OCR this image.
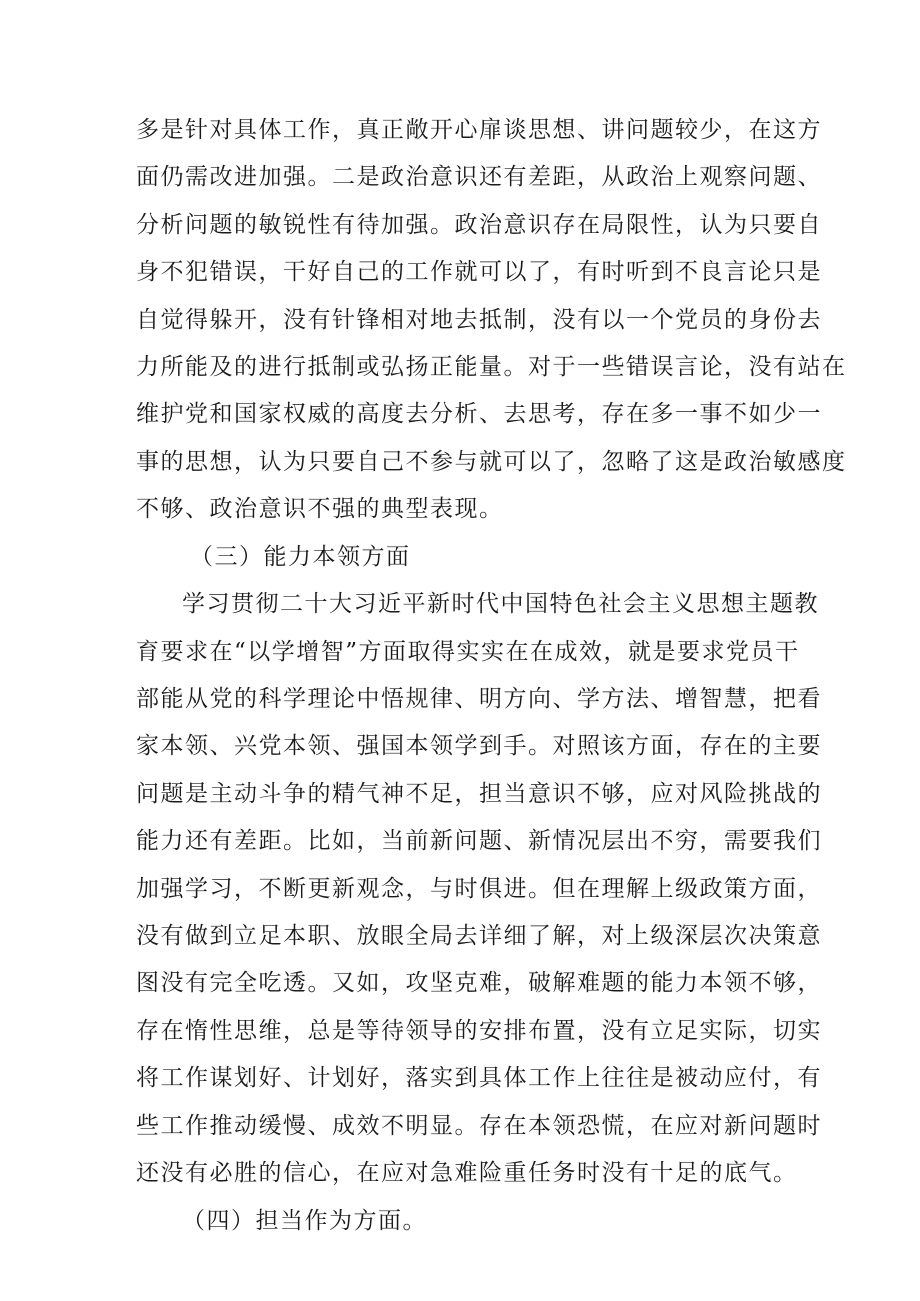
多是针对具体工作，真正敞开心扉谈思想、讲问题较少，在这方
面仍需改进加强。二是政治意识还有差距，从政治上观察问题、
分析问题的敏锐性有待加强。政治意识存在局限性，认为只要自
身不犯错误，干好自己的工作就可以了，有时听到不良言论只是
自觉得躲开，没有针锋相对地去抵制，没有以一个党员的身份去
力所能及的进行抵制或弘扬正能量。对于一些错误言论，没有站在
维护党和国家权威的高度去分析、去思考，存在多一事不如少一
事的思想，认为只要自己不参与就可以了，忽略了这是政治敏感度
不够、政治意识不强的典型表现。
（三）能力本领方面
学习贯彻二十大习近平新时代中国特色社会主义思想主题教
育要求在“以学增智”方面取得实实在在成效，就是要求党员干
部能从党的科学理论中悟规律、明方向、学方法、增智慧，把看
家本领、兴党本领、强国本领学到手。对照该方面，存在的主要
问题是主动斗争的精气神不足，担当意识不够，应对风险挑战的
能力还有差距。比如，当前新问题、新情况层出不穷，需要我们
加强学习，不断更新观念，与时俱进。但在理解上级政策方面，
没有做到立足本职、放眼全局去详细了解，对上级深层次决策意
图没有完全吃透。又如，攻坚克难，破解难题的能力本领不够，
存在惰性思维，总是等待领导的安排布置，没有立足实际，切实
将工作谋划好、计划好，落实到具体工作上往往是被动应付，有
些工作推动缓慢、成效不明显。存在本领恐慌，在应对新问题时
还没有必胜的信心，在应对急难险重任务时没有十足的底气。
（四）担当作为方面。
